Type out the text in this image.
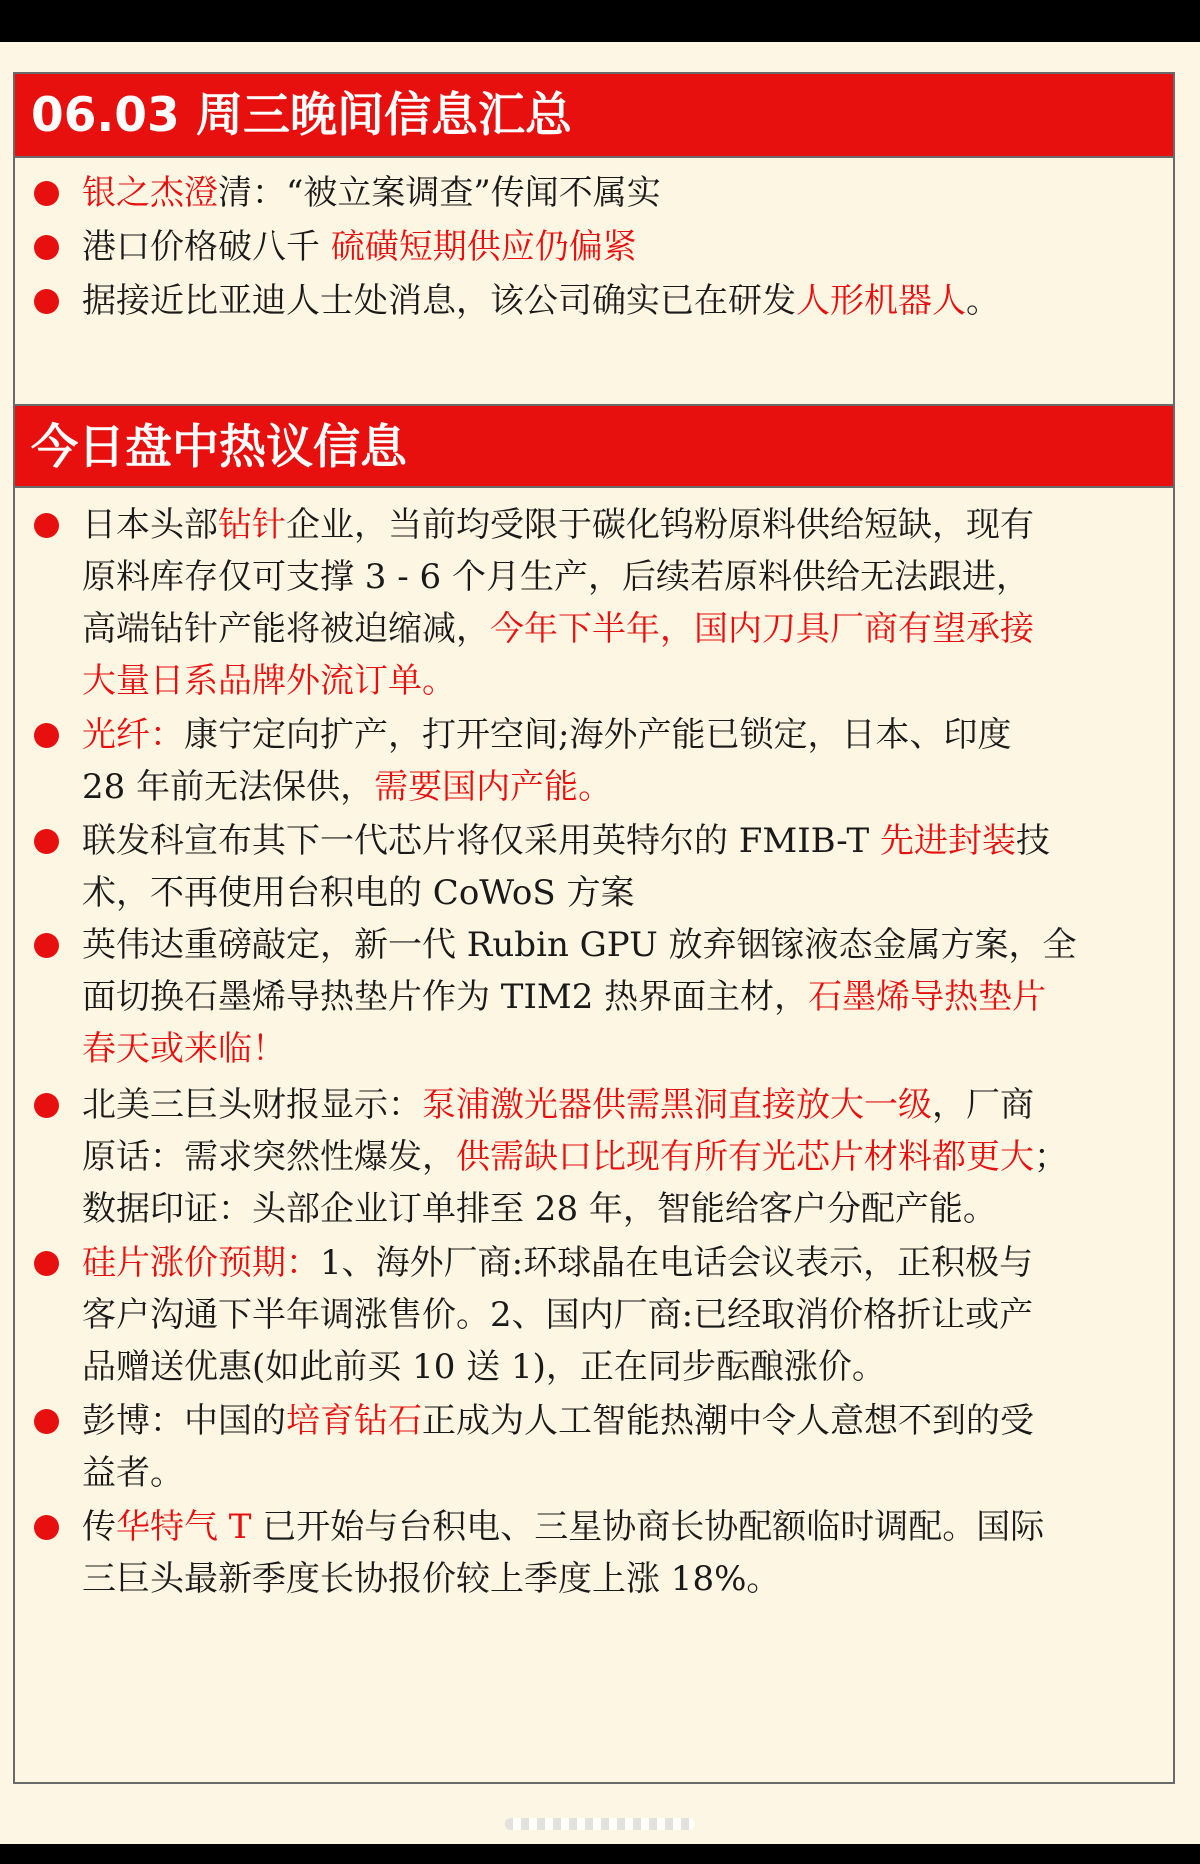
06.03 周三晚间信息汇总
银之杰澄清：“被立案调查”传闻不属实
港口价格破八千 硫磺短期供应仍偏紧
据接近比亚迪人士处消息，该公司确实已在研发人形机器人。
今日盘中热议信息
日本头部钻针企业，当前均受限于碳化钨粉原料供给短缺，现有
原料库存仅可支撑 3 - 6 个月生产，后续若原料供给无法跟进，
高端钻针产能将被迫缩减，今年下半年，国内刀具厂商有望承接
大量日系品牌外流订单。
光纤：康宁定向扩产，打开空间;海外产能已锁定，日本、印度
28 年前无法保供，需要国内产能。
联发科宣布其下一代芯片将仅采用英特尔的 FMIB-T 先进封装技
术，不再使用台积电的 CoWoS 方案
英伟达重磅敲定，新一代 Rubin GPU 放弃铟镓液态金属方案，全
面切换石墨烯导热垫片作为 TIM2 热界面主材，石墨烯导热垫片
春天或来临！
北美三巨头财报显示：泵浦激光器供需黑洞直接放大一级，厂商
原话：需求突然性爆发，供需缺口比现有所有光芯片材料都更大；
数据印证：头部企业订单排至 28 年，智能给客户分配产能。
硅片涨价预期：1、海外厂商:环球晶在电话会议表示，正积极与
客户沟通下半年调涨售价。2、国内厂商:已经取消价格折让或产
品赠送优惠(如此前买 10 送 1)，正在同步酝酿涨价。
彭博：中国的培育钻石正成为人工智能热潮中令人意想不到的受
益者。
传华特气 T 已开始与台积电、三星协商长协配额临时调配。国际
三巨头最新季度长协报价较上季度上涨 18%。
